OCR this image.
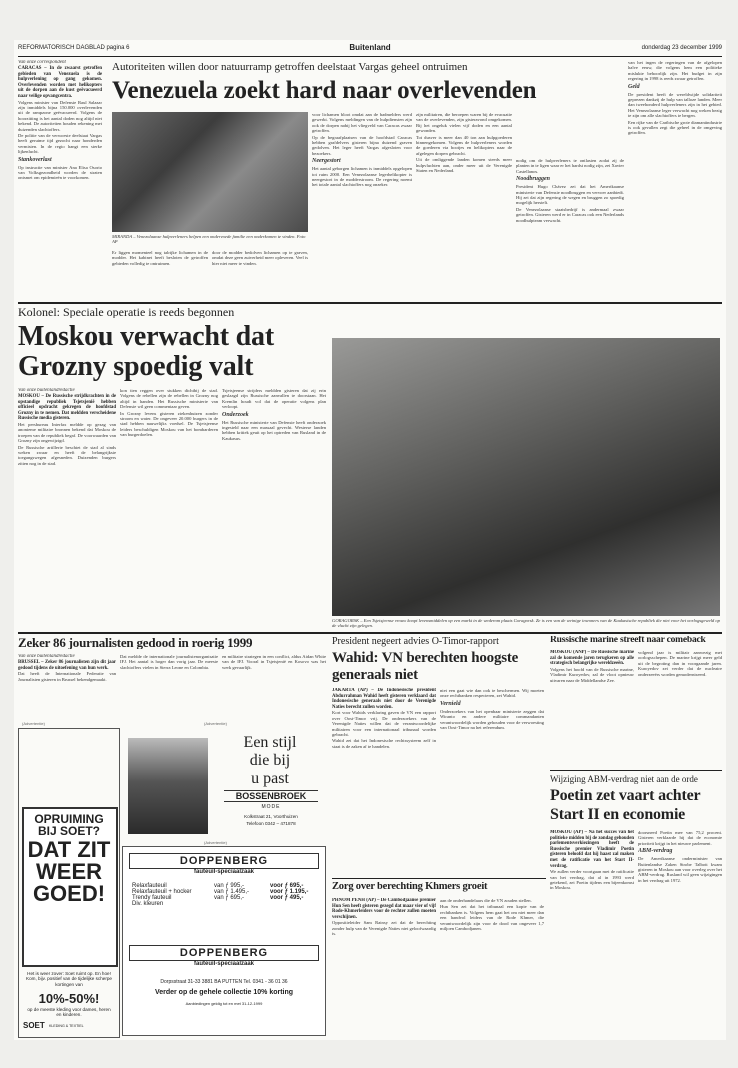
REFORMATORISCH DAGBLAD pagina 6	Buitenland	donderdag 23 december 1999
Van onze correspondent
CARACAS – In de zwaarst getroffen gebieden van Venezuela is de hulpverlening op gang gekomen. Overlevenden worden met helikopters uit de dorpen aan de kust geëvacueerd naar veilige opvangcentra.

Volgens minister van Defensie Raul Salazar zijn inmiddels bijna 150.000 overlevenden uit de rampzone geëvacueerd. Volgens de hoorzitting is het aantal doden nog altijd niet bekend. De autoriteiten houden rekening met duizenden slachtoffers.

De politie van de verwoeste deelstaat Vargas heeft geruime tijd gezocht naar honderden vermisten. In de regio hangt een sterke lijkenlucht.

Stankoverlast

Op instructie van minister Ana Elisa Osorio van Volksgezondheid worden de straten ontsmet om epidemieën te voorkomen.

Autoriteiten willen door natuurramp getroffen deelstaat Vargas geheel ontruimen
Venezuela zoekt hard naar overlevenden
MIRANDA – Venezolaanse hulpverleners helpen een ondervoede familie een onderkomen te vinden. Foto AP

Er liggen momenteel nog talrijke lichamen in de modder. Het kabinet heeft besloten de getroffen gebieden volledig te ontruimen.

door de modder bedolven lichamen op te graven, omdat deze geen zuiverheid meer opleveren. Veel is hier niet meer te vinden.

voor lichamen bloot omdat aan de badmelders werd gewerkt. Volgens meldingen van de hulpdiensten zijn ook de dorpen nabij het vliegveld van Caracas zwaar getroffen.

Op de begraafplaatsen van de hoofdstad Caracas hebben grafdelvers gisteren bijna duizend graven gedolven. Het leger heeft Vargas afgesloten voor bezoekers.

Neergestort

Het aantal geborgen lichamen is inmiddels opgelopen tot ruim 2000. Een Venezolaanse legerhelikopter is neergestort in de modderstroom. De regering noemt het totale aantal slachtoffers nog onzeker.

zijn militairen, die beroepen waren bij de evacuatie van de overlevenden, zijn gisteravond omgekomen. Bij het ongeluk vielen vijf doden en een aantal gewonden.

Tot dusver is meer dan 40 ton aan hulpgoederen binnengekomen. Volgens de hulpverleners worden de goederen via bootjes en helikopters naar de afgelegen dorpen gebracht.

Uit de omliggende landen komen steeds meer hulpvluchten aan, onder meer uit de Verenigde Staten en Nederland.

nodig om de hulpverleners te ontlasten zodat zij de planten in te ligen waar er het hardst nodig zijn, zei Xavier Castellanos.

Noodbruggen

President Hugo Chávez zei dat het Amerikaanse ministerie van Defensie noodbruggen en vervoer aanbiedt. Hij zei dat zijn regering de wegen en bruggen zo spoedig mogelijk herstelt.

De Venezolaanse staatsbedrijf is andermaal zwaar getroffen. Gisteren werd er in Caracas ook een Nederlands noodhulpteam verwacht.

van het ingen de regeringen van de afgelopen halve eeuw, die volgens hem een politieke mislukte behoorlijk zijn. Het budget in zijn regering in 1998 is reeds zwaar getroffen.

Geld

De president heeft de wereldwijde solidariteit geprezen dankzij de hulp van talloze landen. Meer dan tweehonderd hulpverleners zijn in het gebied. Het Venezolaanse leger verwacht nog weken bezig te zijn om alle slachtoffers te bergen.

Een rijke van de Caribische grote diamantindustrie is ook gevallen zegt die geheel in de omgeving getroffen.

Kolonel: Speciale operatie is reeds begonnen
Moskou verwacht dat Grozny spoedig valt
Van onze buitenlandredactie
MOSKOU – De Russische strijdkrachten in de opstandige republiek Tsjetsjenië hebben officieel opdracht gekregen de hoofdstad Grozny in te nemen. Dat meldden verscheidene Russische media gisteren.

Het persbureau Interfax meldde op gezag van anonieme militaire bronnen bekend dat Moskou de troepen van de republiek begaf. De voorwaarden van Grozny zijn ongewijzigd.

De Russische artillerie beschiet de stad al sinds weken zwaar en heeft de belangrijkste toegangswegen afgesneden. Duizenden burgers zitten nog in de stad.

kon tien reggen over stukken dichtbij de stad. Volgens de rebellen zijn de rebellen in Grozny nog altijd in handen. Het Russische ministerie van Defensie wil geen commentaar geven.

In Grozny levens gisteren ziekenhuizen zonder stroom en water. De ongeveer 20.000 burgers in de stad hebben nauwelijks voedsel. De Tsjetsjeense leiders beschuldigen Moskou van het bombarderen van burgerdoelen.

Tsjetsjeense strijders meldden gisteren dat zij erin geslaagd zijn Russische aanvallen te doorstaan. Het Kremlin houdt vol dat de operatie volgens plan verloopt.

Onderzoek

Het Russische ministerie van Defensie heeft onderzoek ingesteld naar een massaal gevecht. Westerse landen hebben kritiek geuit op het optreden van Rusland in de Kaukasus.

GORAGORSK – Een Tsjetsjeense vrouw koopt levensmiddelen op een markt in de wederom plaats Goragorsk. Ze is een van de weinige inwoners van de Kaukasische republiek die niet voor het oorlogsgeweld op de vlucht zijn gelegen.
Zeker 86 journalisten gedood in roerig 1999
Van onze buitenlandredactie
BRUSSEL – Zeker 86 journalisten zijn dit jaar gedood tijdens de uitoefening van hun werk.

Dat heeft de Internationale Federatie van Journalisten gisteren in Brussel bekendgemaakt.

Dat meldde de internationale journalistenorganisatie IFJ. Het aantal is hoger dan vorig jaar. De meeste slachtoffers vielen in Sierra Leone en Colombia.

en militaire strategen in een conflict, aldus Aidan White van de IFJ. Vooral in Tsjetsjenië en Kosovo was het werk gevaarlijk.

(Advertentie)
OPRUIMING
BIJ SOET?
DAT ZIT
WEER
GOED!
Het is weer zover: Soet ruimt op. En hoe! Kom, bijv. positief van de tijdelijke scherpe kortingen van
10%-50%!
op de meeste kleding voor dames, heren en kinderen.
SOET KLEDING & TEXTIEL
(Advertentie)
Een stijl
die bij
u past
BOSSENBROEK
MODE
Kolkstraat 21, Voorthuizen
Telefoon 0342 – 471878
(Advertentie)
DOPPENBERG
fauteuil-speciaalzaak
Relaxfauteuil	van ƒ 995,-	voor ƒ 695,-
Relaxfauteuil + hocker	van ƒ 1.495,-	voor ƒ 1.195,-
Trendy fauteuil	van ƒ 695,-	voor ƒ 495,-
Div. kleuren		
DOPPENBERG
fauteuil-speciaalzaak
Dorpsstraat 31-33 3881 BA PUTTEN Tel. 0341 - 36 01 36
Verder op de gehele collectie 10% korting
Aanbiedingen geldig tot en met 31-12-1999
President negeert advies O-Timor-rapport
Wahid: VN berechten hoogste generaals niet
JAKARTA (AP) – De Indonesische president Abdurrahman Wahid heeft gisteren verklaard dat Indonesische generaals niet door de Verenigde Naties berecht zullen worden.

Kort voor Wahids verklaring gaven de VN een rapport over Oost-Timor vrij. De onderzoekers van de Verenigde Naties willen dat de verantwoordelijke militairen voor een internationaal tribunaal worden gebracht.

Wahid zei dat het Indonesische rechtssysteem zelf in staat is de zaken af te handelen.

niet een gaat wie dan ook te beschermen. Wij moeten onze rechtbanken respecteren, zei Wahid.

Vernield

Onderzoekers van het openbaar ministerie zeggen dat Wiranto en andere militaire commandanten verantwoordelijk worden gehouden voor de verwoesting van Oost-Timor na het referendum.

Zorg over berechting Khmers groeit
PHNOM PENH (AP) – De Cambodjaanse premier Hun Sen heeft gisteren gezegd dat maar vier of vijf Rode-Khmerleiders voor de rechter zullen moeten verschijnen.

Oppositieleider Sam Rainsy zei dat de berechting zonder hulp van de Verenigde Naties niet geloofwaardig is.

aan de onderhandelaars die de VN zouden stellen.

Hun Sen zei dat het tribunaal een kopie van de rechtbanken is. Volgens hem gaat het om niet meer dan een handvol leiders van de Rode Khmer, die verantwoordelijk zijn voor de dood van ongeveer 1,7 miljoen Cambodjanen.

Russische marine streeft naar comeback
MOSKOU (ANP) – De Russische marine zal de komende jaren terugkeren op alle strategisch belangrijke wereldzeeën.

Volgens het hoofd van de Russische marine, Vladimir Kuroyedov, zal de vloot opnieuw uitvaren naar de Middellandse Zee.

volgend jaar is militair aanwezig met oorlogsschepen. De marine krijgt meer geld uit de begroting dan in voorgaande jaren. Kuroyedov zei verder dat de nucleaire onderzeeërs worden gemoderniseerd.

Wijziging ABM-verdrag niet aan de orde
Poetin zet vaart achter Start II en economie
MOSKOU (AP) – Na het succes van het politieke midden bij de zondag gehouden parlementsverkiezingen heeft de Russische premier Vladimir Poetin gisteren beloofd dat hij haast zal maken met de ratificatie van het Start II-verdrag.

We zullen verder voortgaan met de ratificatie van het verdrag, dat al in 1993 werd getekend, zei Poetin tijdens een bijeenkomst in Moskou.

doorsneed Poetin mee van 75,2 procent. Gisteren verklaarde hij dat de economie prioriteit krijgt in het nieuwe parlement.

ABM-verdrag

De Amerikaanse onderminister van Buitenlandse Zaken Strobe Talbott kwam gisteren in Moskou aan voor overleg over het ABM-verdrag. Rusland wil geen wijzigingen in het verdrag uit 1972.
